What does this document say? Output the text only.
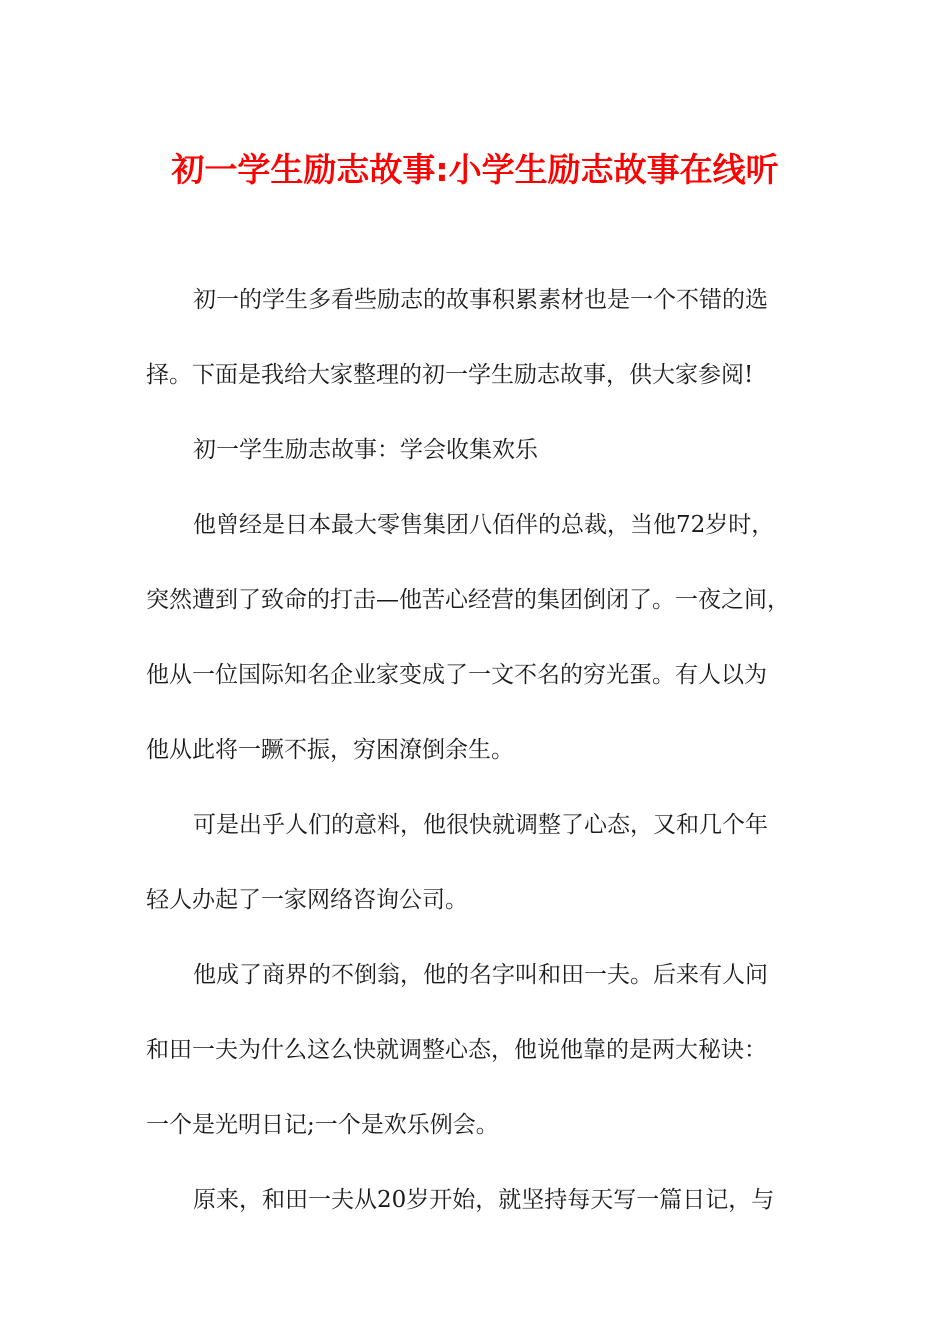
初一学生励志故事:小学生励志故事在线听
初一的学生多看些励志的故事积累素材也是一个不错的选
择。下面是我给大家整理的初一学生励志故事，供大家参阅!
初一学生励志故事：学会收集欢乐
他曾经是日本最大零售集团八佰伴的总裁，当他72岁时，
突然遭到了致命的打击—他苦心经营的集团倒闭了。一夜之间，
他从一位国际知名企业家变成了一文不名的穷光蛋。有人以为
他从此将一蹶不振，穷困潦倒余生。
可是出乎人们的意料，他很快就调整了心态，又和几个年
轻人办起了一家网络咨询公司。
他成了商界的不倒翁，他的名字叫和田一夫。后来有人问
和田一夫为什么这么快就调整心态，他说他靠的是两大秘诀：
一个是光明日记;一个是欢乐例会。
原来，和田一夫从20岁开始，就坚持每天写一篇日记，与
